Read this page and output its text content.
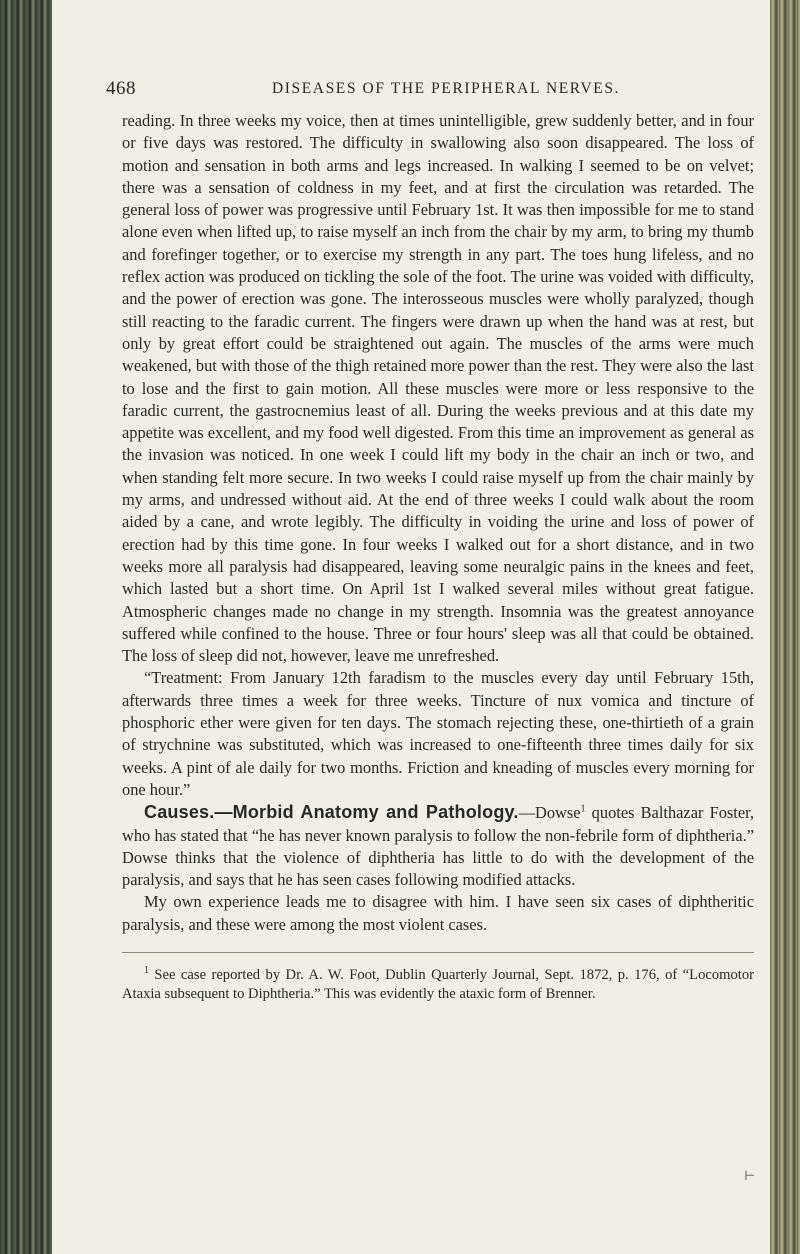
468	DISEASES OF THE PERIPHERAL NERVES.

reading. In three weeks my voice, then at times unintelligible, grew suddenly better, and in four or five days was restored. The difficulty in swallowing also soon disappeared. The loss of motion and sensation in both arms and legs increased. In walking I seemed to be on velvet; there was a sensation of coldness in my feet, and at first the circulation was retarded. The general loss of power was progressive until February 1st. It was then impossible for me to stand alone even when lifted up, to raise myself an inch from the chair by my arm, to bring my thumb and forefinger together, or to exercise my strength in any part. The toes hung lifeless, and no reflex action was produced on tickling the sole of the foot. The urine was voided with difficulty, and the power of erection was gone. The interosseous muscles were wholly paralyzed, though still reacting to the faradic current. The fingers were drawn up when the hand was at rest, but only by great effort could be straightened out again. The muscles of the arms were much weakened, but with those of the thigh retained more power than the rest. They were also the last to lose and the first to gain motion. All these muscles were more or less responsive to the faradic current, the gastrocnemius least of all. During the weeks previous and at this date my appetite was excellent, and my food well digested. From this time an improvement as general as the invasion was noticed. In one week I could lift my body in the chair an inch or two, and when standing felt more secure. In two weeks I could raise myself up from the chair mainly by my arms, and undressed without aid. At the end of three weeks I could walk about the room aided by a cane, and wrote legibly. The difficulty in voiding the urine and loss of power of erection had by this time gone. In four weeks I walked out for a short distance, and in two weeks more all paralysis had disappeared, leaving some neuralgic pains in the knees and feet, which lasted but a short time. On April 1st I walked several miles without great fatigue. Atmospheric changes made no change in my strength. Insomnia was the greatest annoyance suffered while confined to the house. Three or four hours' sleep was all that could be obtained. The loss of sleep did not, however, leave me unrefreshed.

“Treatment: From January 12th faradism to the muscles every day until February 15th, afterwards three times a week for three weeks. Tincture of nux vomica and tincture of phosphoric ether were given for ten days. The stomach rejecting these, one-thirtieth of a grain of strychnine was substituted, which was increased to one-fifteenth three times daily for six weeks. A pint of ale daily for two months. Friction and kneading of muscles every morning for one hour.”

Causes.—Morbid Anatomy and Pathology.—Dowse$^1$ quotes Balthazar Foster, who has stated that “he has never known paralysis to follow the non-febrile form of diphtheria.” Dowse thinks that the violence of diphtheria has little to do with the development of the paralysis, and says that he has seen cases following modified attacks.

My own experience leads me to disagree with him. I have seen six cases of diphtheritic paralysis, and these were among the most violent cases.

$^1$ See case reported by Dr. A. W. Foot, Dublin Quarterly Journal, Sept. 1872, p. 176, of “Locomotor Ataxia subsequent to Diphtheria.” This was evidently the ataxic form of Brenner.

⊢
